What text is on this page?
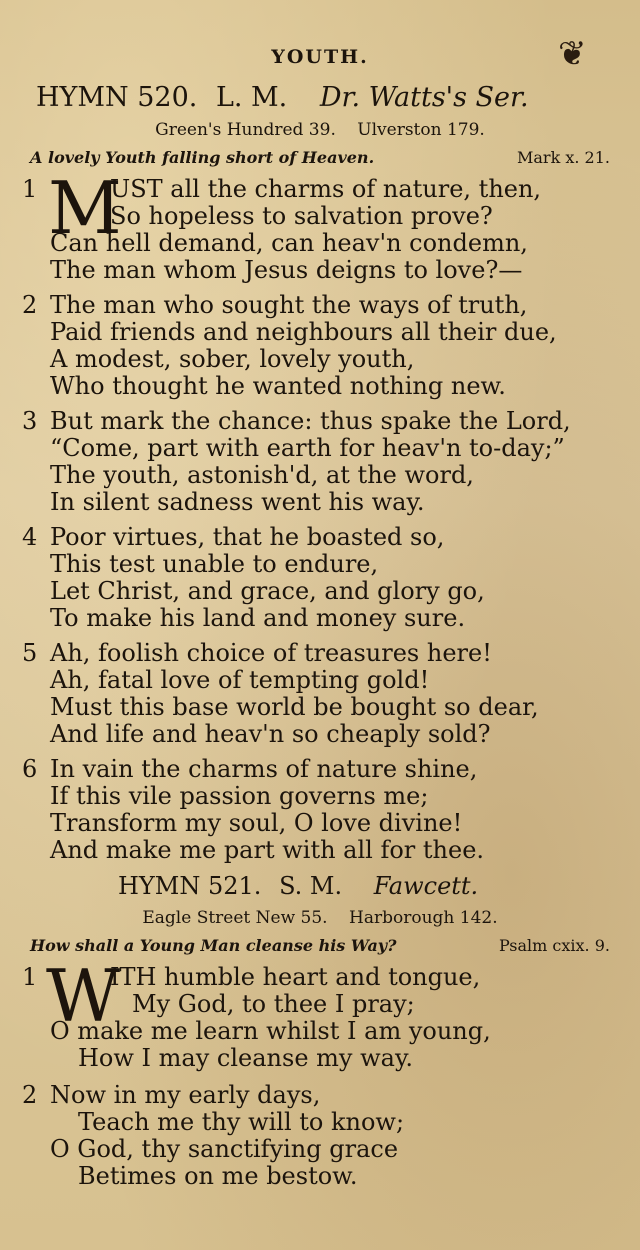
YOUTH.	❦
HYMN 520. L. M. Dr. Watts's Ser.
Green's Hundred 39. Ulverston 179.
A lovely Youth falling short of Heaven.	Mark x. 21.
M
1	UST all the charms of nature, then,
So hopeless to salvation prove?
Can hell demand, can heav'n condemn,
The man whom Jesus deigns to love?—
2 The man who sought the ways of truth,
Paid friends and neighbours all their due,
A modest, sober, lovely youth,
Who thought he wanted nothing new.
3 But mark the chance: thus spake the Lord,
“Come, part with earth for heav'n to-day;”
The youth, astonish'd, at the word,
In silent sadness went his way.
4 Poor virtues, that he boasted so,
This test unable to endure,
Let Christ, and grace, and glory go,
To make his land and money sure.
5 Ah, foolish choice of treasures here!
Ah, fatal love of tempting gold!
Must this base world be bought so dear,
And life and heav'n so cheaply sold?
6 In vain the charms of nature shine,
If this vile passion governs me;
Transform my soul, O love divine!
And make me part with all for thee.
HYMN 521. S. M. Fawcett.
Eagle Street New 55. Harborough 142.
How shall a Young Man cleanse his Way?	Psalm cxix. 9.
W
1	ITH humble heart and tongue,
My God, to thee I pray;
O make me learn whilst I am young,
How I may cleanse my way.
2 Now in my early days,
Teach me thy will to know;
O God, thy sanctifying grace
Betimes on me bestow.
